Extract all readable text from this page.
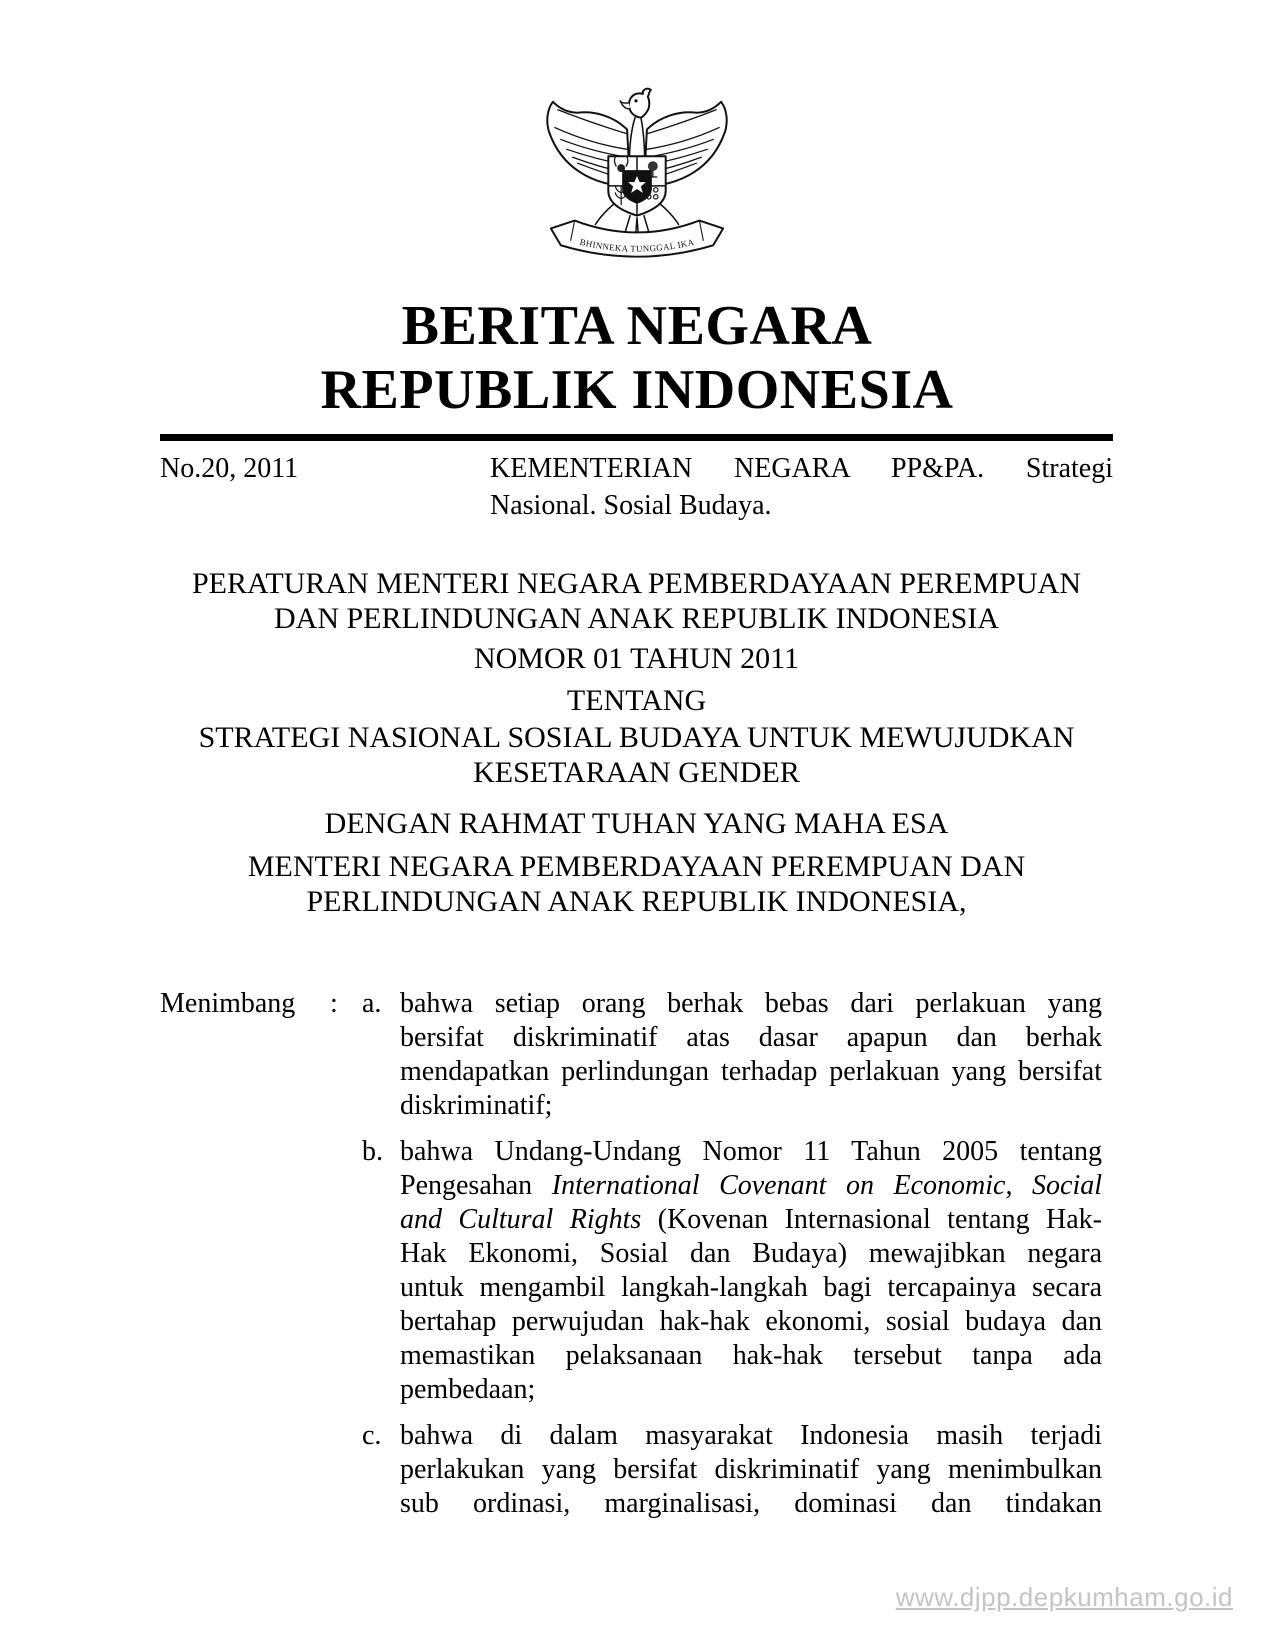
BHINNEKA TUNGGAL IKA
BERITA NEGARA
REPUBLIK INDONESIA
No.20, 2011	KEMENTERIAN NEGARA PP&PA. Strategi
Nasional. Sosial Budaya.
PERATURAN MENTERI NEGARA PEMBERDAYAAN PEREMPUAN
DAN PERLINDUNGAN ANAK REPUBLIK INDONESIA
NOMOR 01 TAHUN 2011
TENTANG
STRATEGI NASIONAL SOSIAL BUDAYA UNTUK MEWUJUDKAN
KESETARAAN GENDER
DENGAN RAHMAT TUHAN YANG MAHA ESA
MENTERI NEGARA PEMBERDAYAAN PEREMPUAN DAN
PERLINDUNGAN ANAK REPUBLIK INDONESIA,
Menimbang	: a. bahwa setiap orang berhak bebas dari perlakuan yang
bersifat diskriminatif atas dasar apapun dan berhak
mendapatkan perlindungan terhadap perlakuan yang bersifat
diskriminatif;
b. bahwa Undang-Undang Nomor 11 Tahun 2005 tentang
Pengesahan International Covenant on Economic, Social
and Cultural Rights (Kovenan Internasional tentang Hak-
Hak Ekonomi, Sosial dan Budaya) mewajibkan negara
untuk mengambil langkah-langkah bagi tercapainya secara
bertahap perwujudan hak-hak ekonomi, sosial budaya dan
memastikan pelaksanaan hak-hak tersebut tanpa ada
pembedaan;
c. bahwa di dalam masyarakat Indonesia masih terjadi
perlakukan yang bersifat diskriminatif yang menimbulkan
sub ordinasi, marginalisasi, dominasi dan tindakan
www.djpp.depkumham.go.id
